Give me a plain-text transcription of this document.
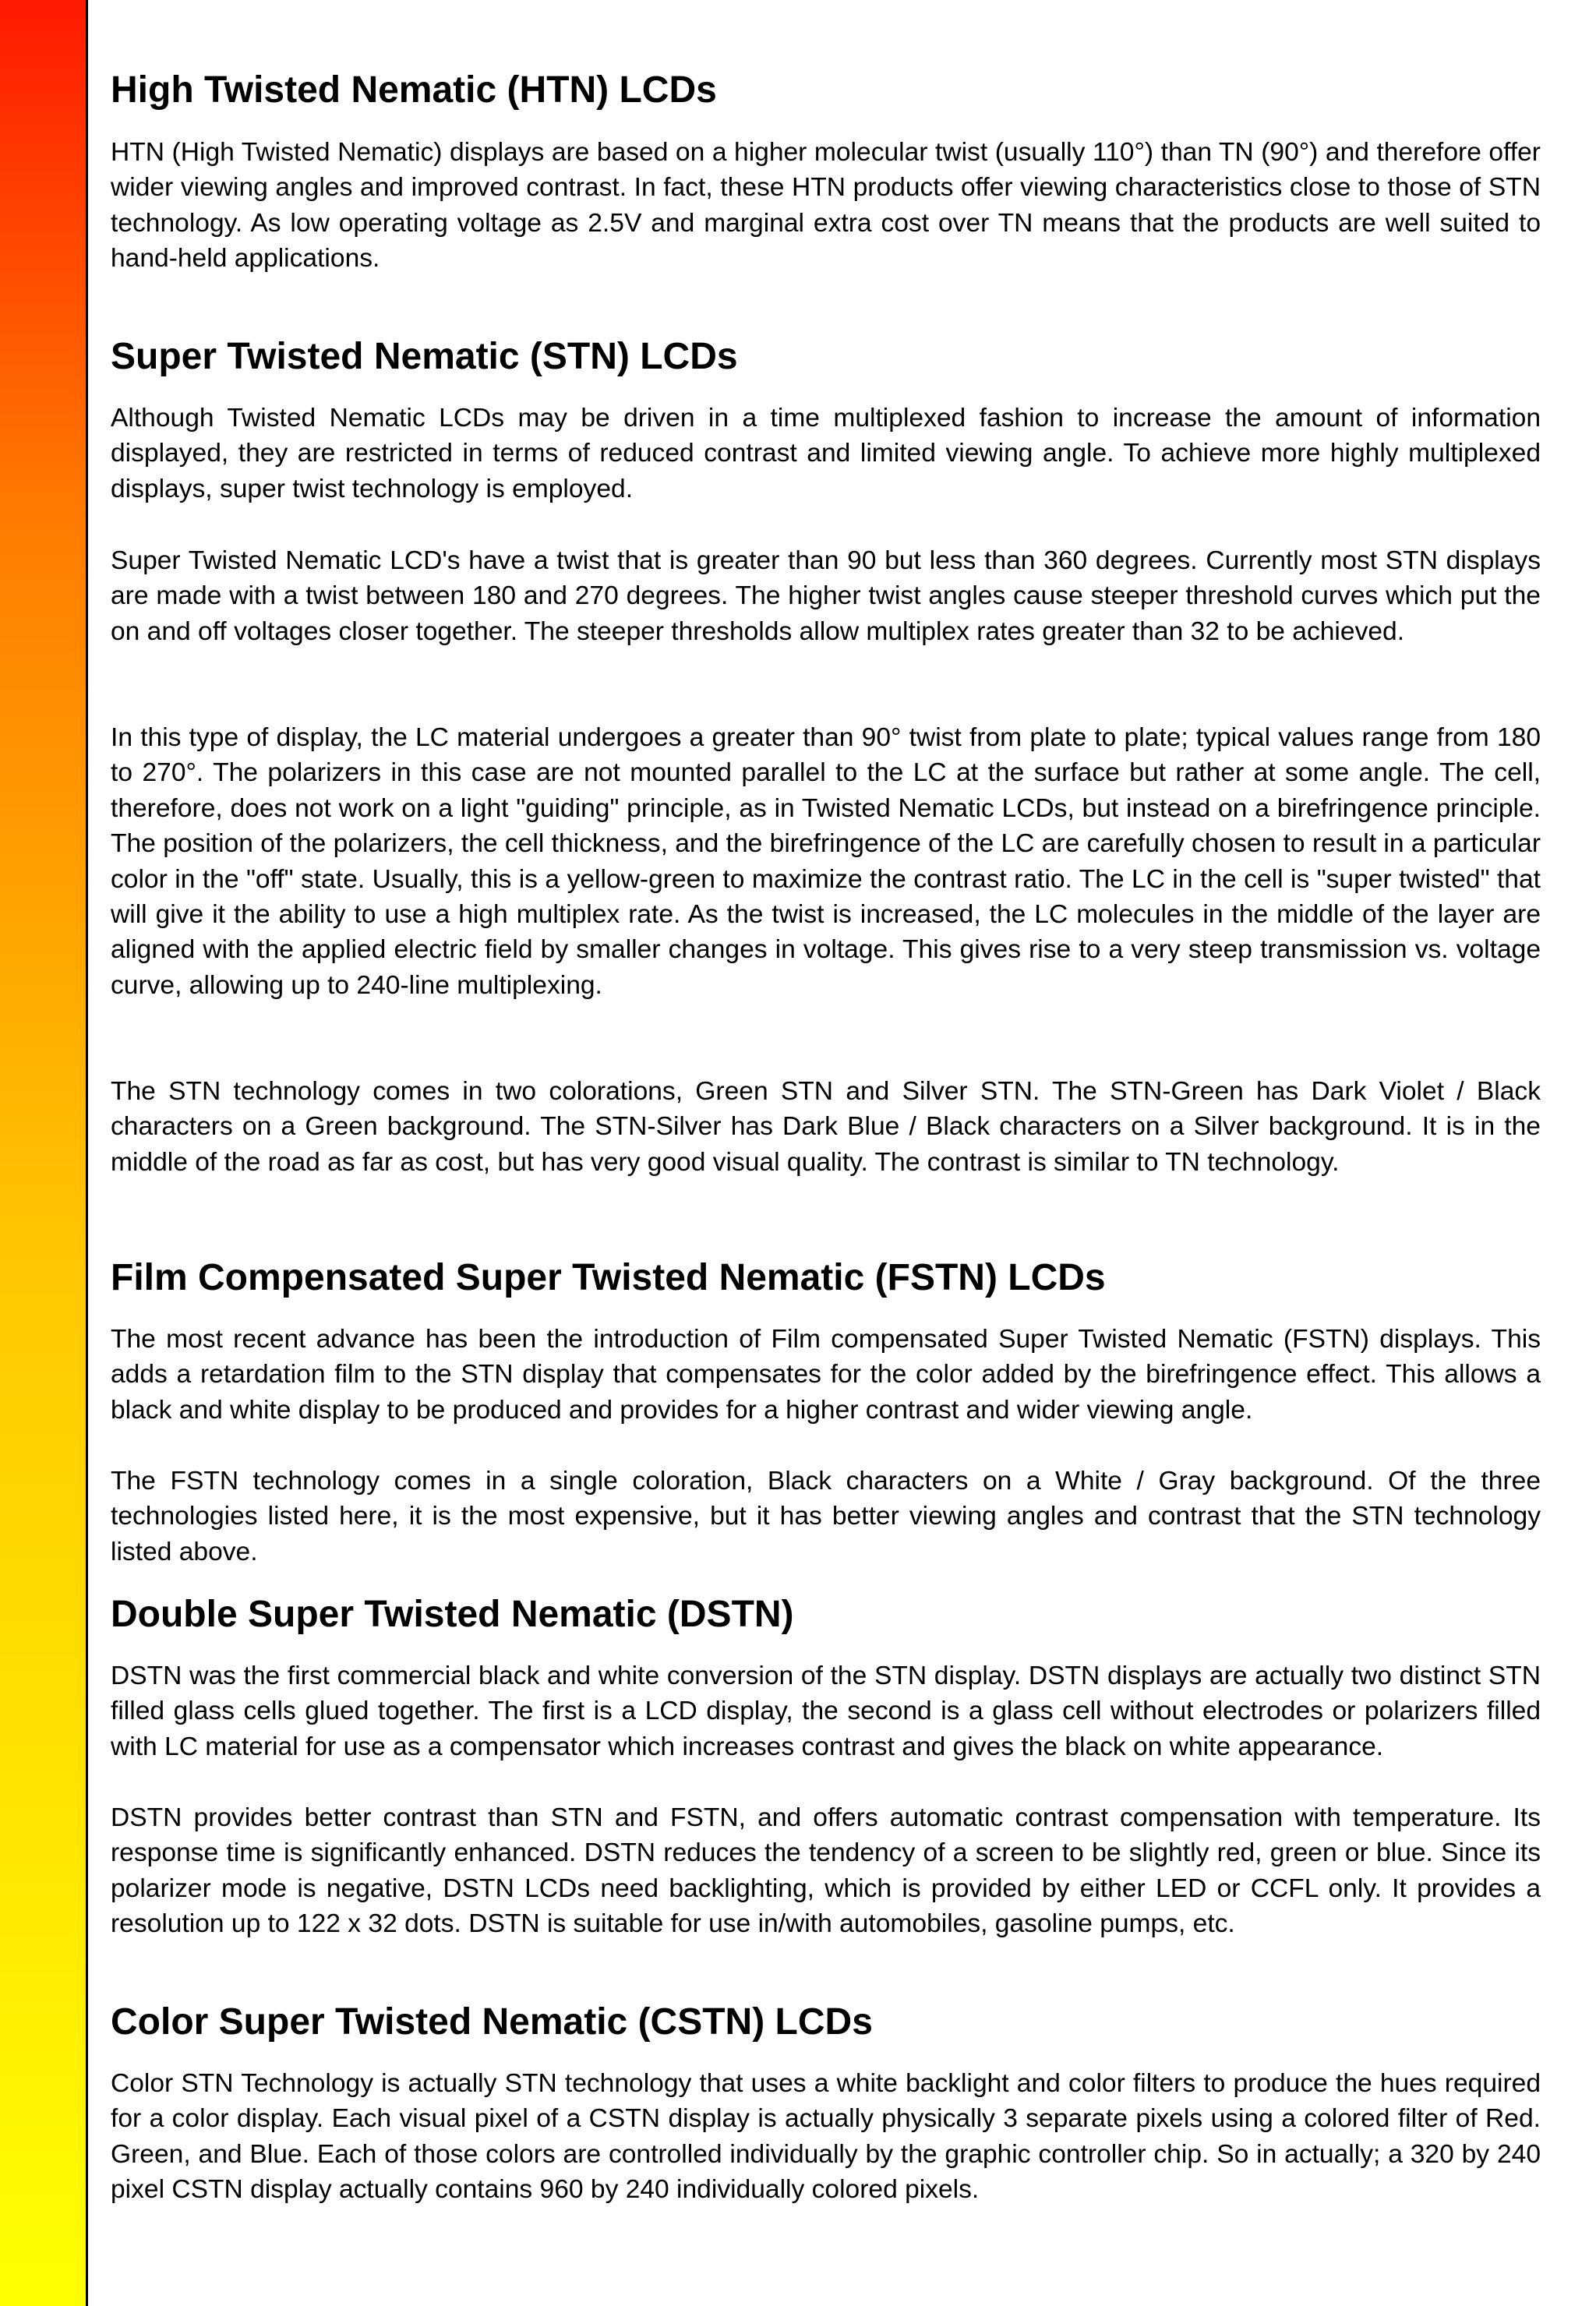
High Twisted Nematic (HTN) LCDs

HTN (High Twisted Nematic) displays are based on a higher molecular twist (usually 110°) than TN (90°) and therefore offer wider viewing angles and improved contrast. In fact, these HTN products offer viewing characteristics close to those of STN technology. As low operating voltage as 2.5V and marginal extra cost over TN means that the products are well suited to hand-held applications.

Super Twisted Nematic (STN) LCDs

Although Twisted Nematic LCDs may be driven in a time multiplexed fashion to increase the amount of information displayed, they are restricted in terms of reduced contrast and limited viewing angle. To achieve more highly multiplexed displays, super twist technology is employed.

Super Twisted Nematic LCD's have a twist that is greater than 90 but less than 360 degrees. Currently most STN displays are made with a twist between 180 and 270 degrees. The higher twist angles cause steeper threshold curves which put the on and off voltages closer together. The steeper thresholds allow multiplex rates greater than 32 to be achieved.

In this type of display, the LC material undergoes a greater than 90° twist from plate to plate; typical values range from 180 to 270°. The polarizers in this case are not mounted parallel to the LC at the surface but rather at some angle. The cell, therefore, does not work on a light "guiding" principle, as in Twisted Nematic LCDs, but instead on a birefringence principle. The position of the polarizers, the cell thickness, and the birefringence of the LC are carefully chosen to result in a particular color in the "off" state. Usually, this is a yellow-green to maximize the contrast ratio. The LC in the cell is "super twisted" that will give it the ability to use a high multiplex rate. As the twist is increased, the LC molecules in the middle of the layer are aligned with the applied electric field by smaller changes in voltage. This gives rise to a very steep transmission vs. voltage curve, allowing up to 240-line multiplexing.

The STN technology comes in two colorations, Green STN and Silver STN. The STN-Green has Dark Violet / Black characters on a Green background. The STN-Silver has Dark Blue / Black characters on a Silver background. It is in the middle of the road as far as cost, but has very good visual quality. The contrast is similar to TN technology.

Film Compensated Super Twisted Nematic (FSTN) LCDs

The most recent advance has been the introduction of Film compensated Super Twisted Nematic (FSTN) displays. This adds a retardation film to the STN display that compensates for the color added by the birefringence effect. This allows a black and white display to be produced and provides for a higher contrast and wider viewing angle.

The FSTN technology comes in a single coloration, Black characters on a White / Gray background. Of the three technologies listed here, it is the most expensive, but it has better viewing angles and contrast that the STN technology listed above.

Double Super Twisted Nematic (DSTN)

DSTN was the first commercial black and white conversion of the STN display. DSTN displays are actually two distinct STN filled glass cells glued together. The first is a LCD display, the second is a glass cell without electrodes or polarizers filled with LC material for use as a compensator which increases contrast and gives the black on white appearance.

DSTN provides better contrast than STN and FSTN, and offers automatic contrast compensation with temperature. Its response time is significantly enhanced. DSTN reduces the tendency of a screen to be slightly red, green or blue. Since its polarizer mode is negative, DSTN LCDs need backlighting, which is provided by either LED or CCFL only. It provides a resolution up to 122 x 32 dots. DSTN is suitable for use in/with automobiles, gasoline pumps, etc.

Color Super Twisted Nematic (CSTN) LCDs

Color STN Technology is actually STN technology that uses a white backlight and color filters to produce the hues required for a color display. Each visual pixel of a CSTN display is actually physically 3 separate pixels using a colored filter of Red. Green, and Blue. Each of those colors are controlled individually by the graphic controller chip. So in actually; a 320 by 240 pixel CSTN display actually contains 960 by 240 individually colored pixels.
